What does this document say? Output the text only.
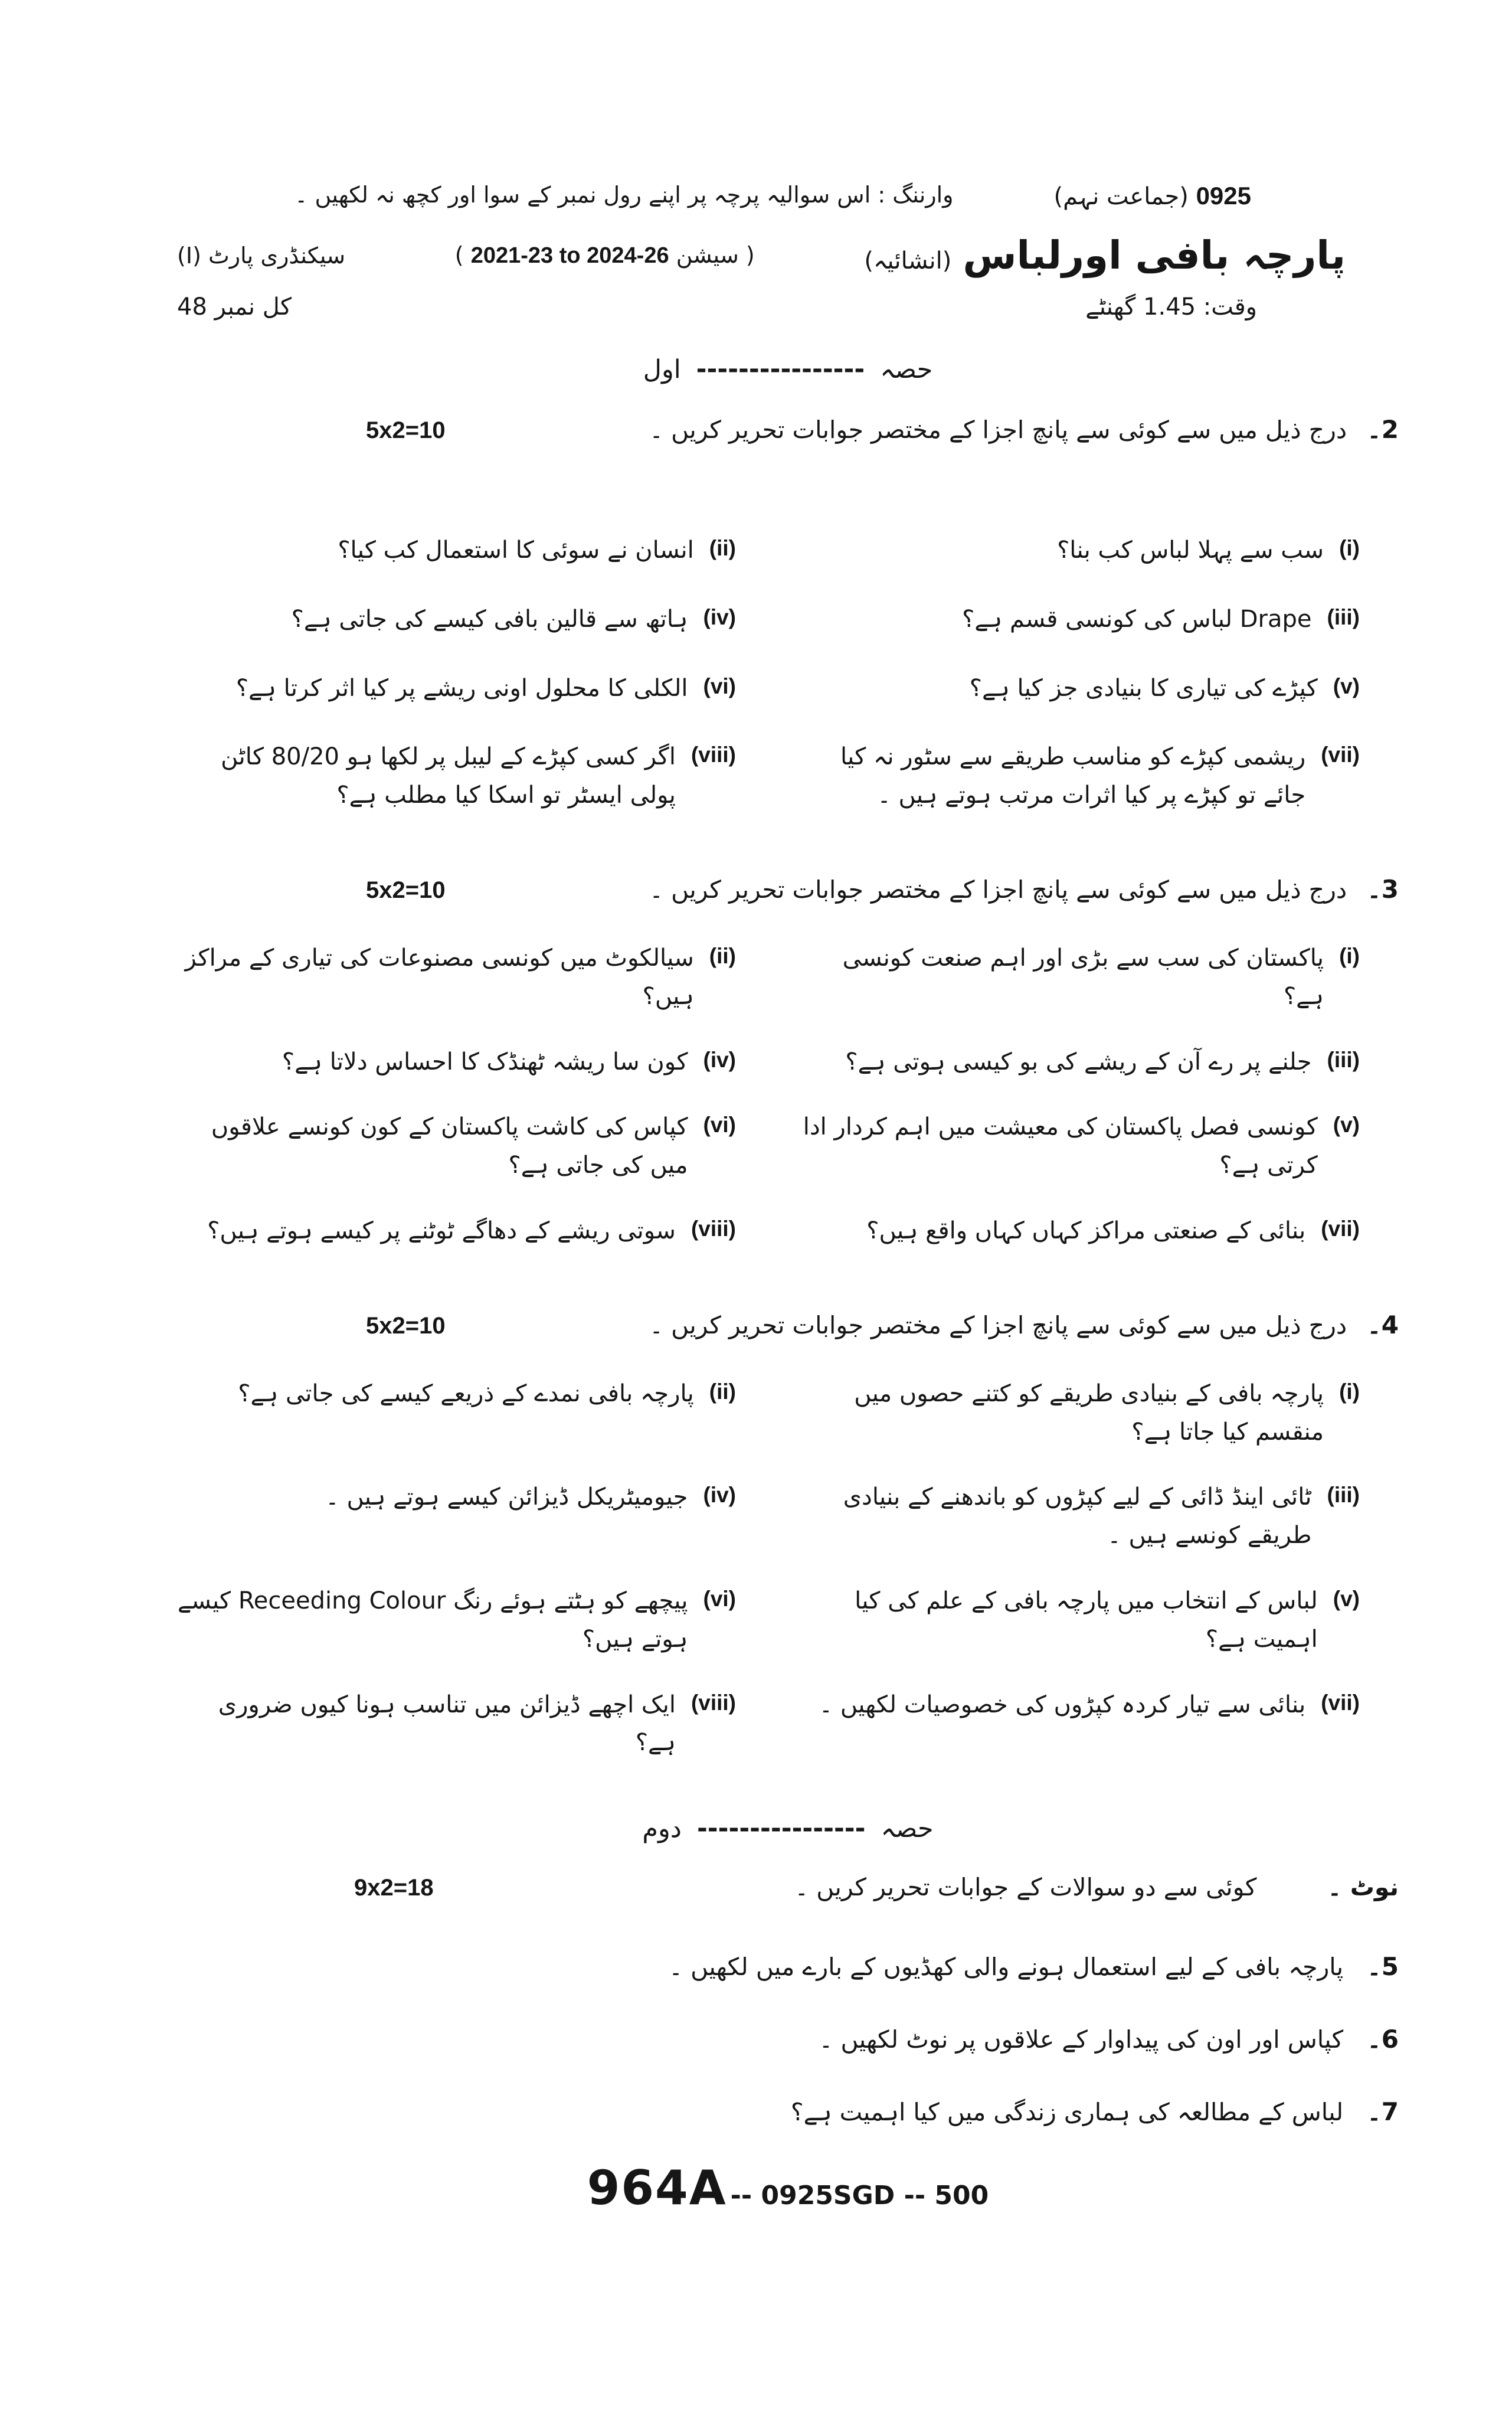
0925 (جماعت نہم)
وارننگ : اس سوالیہ پرچہ پر اپنے رول نمبر کے سوا اور کچھ نہ لکھیں ۔
پارچہ بافی اورلباس (انشائیہ)
( سیشن 2021-23 to 2024-26 )
سیکنڈری پارٹ (I)
وقت: 1.45 گھنٹے
کل نمبر 48
حصہ----------------اول
2۔
درج ذیل میں سے کوئی سے پانچ اجزا کے مختصر جوابات تحریر کریں ۔
5x2=10
(i)
سب سے پہلا لباس کب بنا؟
(ii)
انسان نے سوئی کا استعمال کب کیا؟
(iii)
Drape لباس کی کونسی قسم ہے؟
(iv)
ہاتھ سے قالین بافی کیسے کی جاتی ہے؟
(v)
کپڑے کی تیاری کا بنیادی جز کیا ہے؟
(vi)
الکلی کا محلول اونی ریشے پر کیا اثر کرتا ہے؟
(vii)
ریشمی کپڑے کو مناسب طریقے سے سٹور نہ کیا جائے تو کپڑے پر کیا اثرات مرتب ہوتے ہیں ۔
(viii)
اگر کسی کپڑے کے لیبل پر لکھا ہو 80/20 کاٹن پولی ایسٹر تو اسکا کیا مطلب ہے؟
3۔
درج ذیل میں سے کوئی سے پانچ اجزا کے مختصر جوابات تحریر کریں ۔
5x2=10
(i)
پاکستان کی سب سے بڑی اور اہم صنعت کونسی ہے؟
(ii)
سیالکوٹ میں کونسی مصنوعات کی تیاری کے مراکز ہیں؟
(iii)
جلنے پر رے آن کے ریشے کی بو کیسی ہوتی ہے؟
(iv)
کون سا ریشہ ٹھنڈک کا احساس دلاتا ہے؟
(v)
کونسی فصل پاکستان کی معیشت میں اہم کردار ادا کرتی ہے؟
(vi)
کپاس کی کاشت پاکستان کے کون کونسے علاقوں میں کی جاتی ہے؟
(vii)
بنائی کے صنعتی مراکز کہاں کہاں واقع ہیں؟
(viii)
سوتی ریشے کے دھاگے ٹوٹنے پر کیسے ہوتے ہیں؟
4۔
درج ذیل میں سے کوئی سے پانچ اجزا کے مختصر جوابات تحریر کریں ۔
5x2=10
(i)
پارچہ بافی کے بنیادی طریقے کو کتنے حصوں میں منقسم کیا جاتا ہے؟
(ii)
پارچہ بافی نمدے کے ذریعے کیسے کی جاتی ہے؟
(iii)
ٹائی اینڈ ڈائی کے لیے کپڑوں کو باندھنے کے بنیادی طریقے کونسے ہیں ۔
(iv)
جیومیٹریکل ڈیزائن کیسے ہوتے ہیں ۔
(v)
لباس کے انتخاب میں پارچہ بافی کے علم کی کیا اہمیت ہے؟
(vi)
پیچھے کو ہٹتے ہوئے رنگ Receeding Colour کیسے ہوتے ہیں؟
(vii)
بنائی سے تیار کردہ کپڑوں کی خصوصیات لکھیں ۔
(viii)
ایک اچھے ڈیزائن میں تناسب ہونا کیوں ضروری ہے؟
حصہ----------------دوم
نوٹ ۔
کوئی سے دو سوالات کے جوابات تحریر کریں ۔
9x2=18
5۔
پارچہ بافی کے لیے استعمال ہونے والی کھڈیوں کے بارے میں لکھیں ۔
6۔
کپاس اور اون کی پیداوار کے علاقوں پر نوٹ لکھیں ۔
7۔
لباس کے مطالعہ کی ہماری زندگی میں کیا اہمیت ہے؟
964A -- 0925SGD -- 500
